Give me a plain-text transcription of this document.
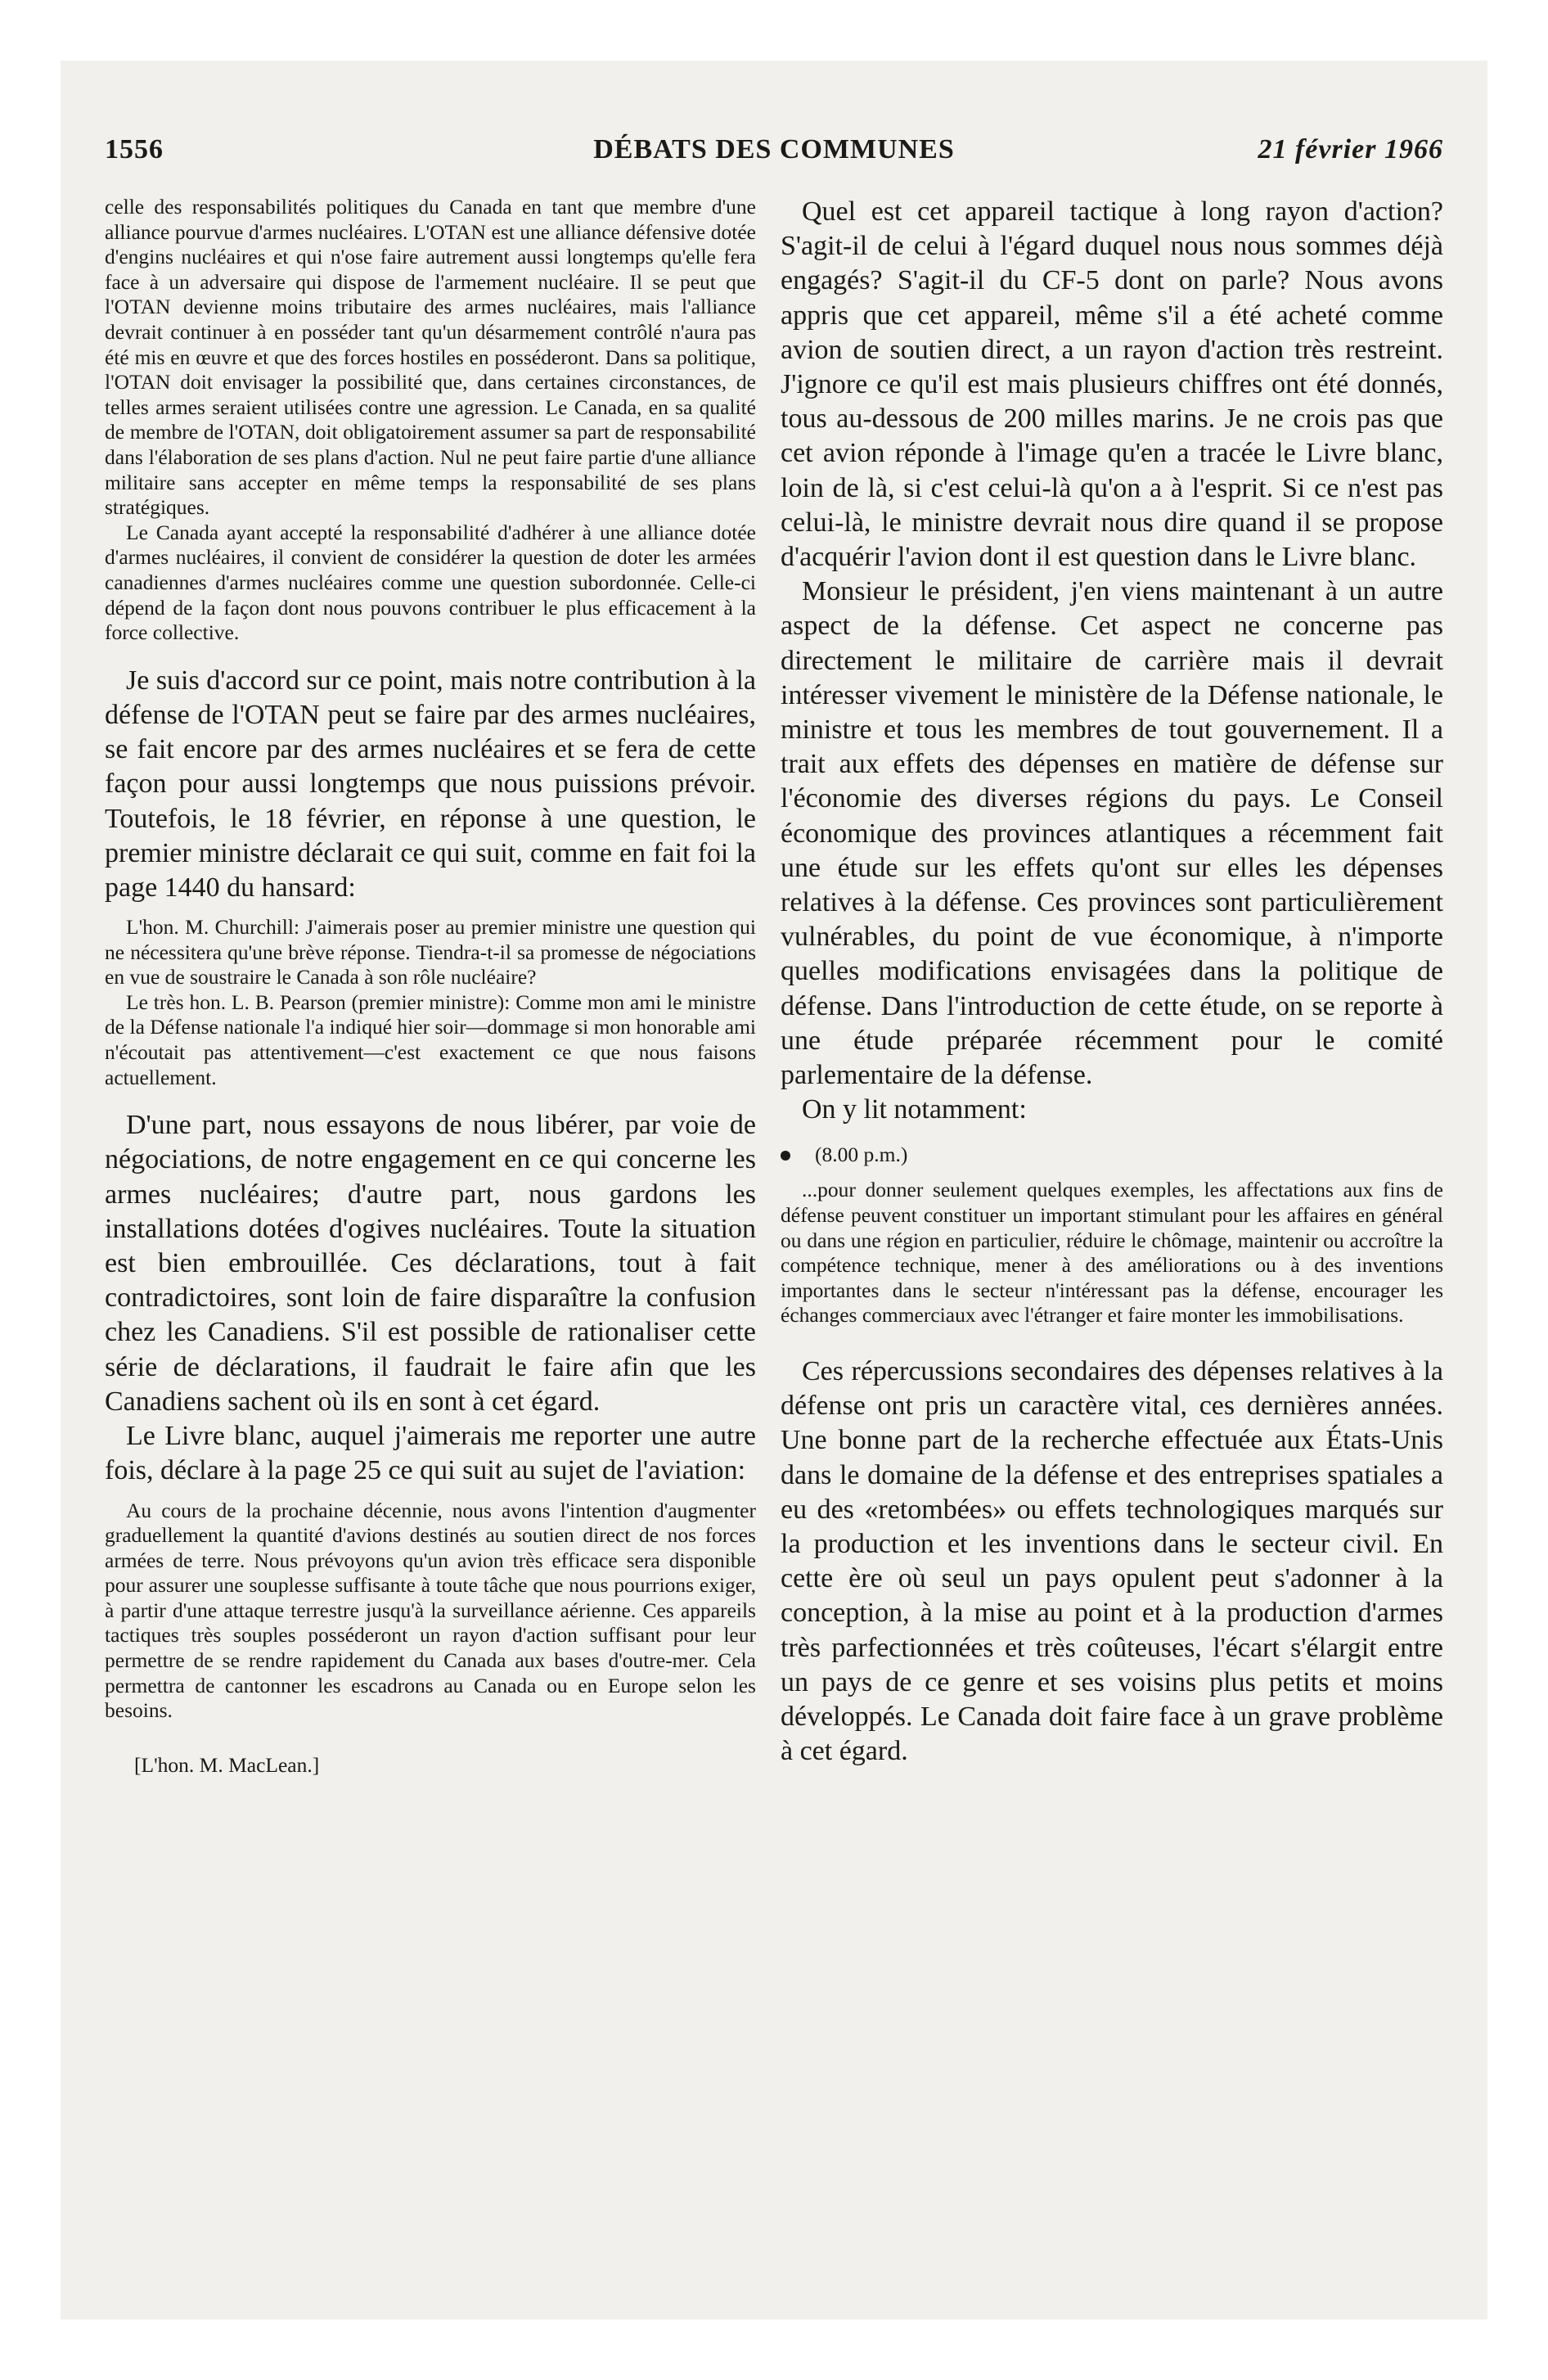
1556	DÉBATS DES COMMUNES	21 février 1966

celle des responsabilités politiques du Canada en tant que membre d'une alliance pourvue d'armes nucléaires. L'OTAN est une alliance défensive dotée d'engins nucléaires et qui n'ose faire autrement aussi longtemps qu'elle fera face à un adversaire qui dispose de l'armement nucléaire. Il se peut que l'OTAN devienne moins tributaire des armes nucléaires, mais l'alliance devrait continuer à en posséder tant qu'un désarmement contrôlé n'aura pas été mis en œuvre et que des forces hostiles en posséderont. Dans sa politique, l'OTAN doit envisager la possibilité que, dans certaines circonstances, de telles armes seraient utilisées contre une agression. Le Canada, en sa qualité de membre de l'OTAN, doit obligatoirement assumer sa part de responsabilité dans l'élaboration de ses plans d'action. Nul ne peut faire partie d'une alliance militaire sans accepter en même temps la responsabilité de ses plans stratégiques.

Le Canada ayant accepté la responsabilité d'adhérer à une alliance dotée d'armes nucléaires, il convient de considérer la question de doter les armées canadiennes d'armes nucléaires comme une question subordonnée. Celle-ci dépend de la façon dont nous pouvons contribuer le plus efficacement à la force collective.

Je suis d'accord sur ce point, mais notre contribution à la défense de l'OTAN peut se faire par des armes nucléaires, se fait encore par des armes nucléaires et se fera de cette façon pour aussi longtemps que nous puissions prévoir. Toutefois, le 18 février, en réponse à une question, le premier ministre déclarait ce qui suit, comme en fait foi la page 1440 du hansard:

L'hon. M. Churchill: J'aimerais poser au premier ministre une question qui ne nécessitera qu'une brève réponse. Tiendra-t-il sa promesse de négociations en vue de soustraire le Canada à son rôle nucléaire?

Le très hon. L. B. Pearson (premier ministre): Comme mon ami le ministre de la Défense nationale l'a indiqué hier soir—dommage si mon honorable ami n'écoutait pas attentivement—c'est exactement ce que nous faisons actuellement.

D'une part, nous essayons de nous libérer, par voie de négociations, de notre engagement en ce qui concerne les armes nucléaires; d'autre part, nous gardons les installations dotées d'ogives nucléaires. Toute la situation est bien embrouillée. Ces déclarations, tout à fait contradictoires, sont loin de faire disparaître la confusion chez les Canadiens. S'il est possible de rationaliser cette série de déclarations, il faudrait le faire afin que les Canadiens sachent où ils en sont à cet égard.

Le Livre blanc, auquel j'aimerais me reporter une autre fois, déclare à la page 25 ce qui suit au sujet de l'aviation:

Au cours de la prochaine décennie, nous avons l'intention d'augmenter graduellement la quantité d'avions destinés au soutien direct de nos forces armées de terre. Nous prévoyons qu'un avion très efficace sera disponible pour assurer une souplesse suffisante à toute tâche que nous pourrions exiger, à partir d'une attaque terrestre jusqu'à la surveillance aérienne. Ces appareils tactiques très souples posséderont un rayon d'action suffisant pour leur permettre de se rendre rapidement du Canada aux bases d'outre-mer. Cela permettra de cantonner les escadrons au Canada ou en Europe selon les besoins.

[L'hon. M. MacLean.]

Quel est cet appareil tactique à long rayon d'action? S'agit-il de celui à l'égard duquel nous nous sommes déjà engagés? S'agit-il du CF-5 dont on parle? Nous avons appris que cet appareil, même s'il a été acheté comme avion de soutien direct, a un rayon d'action très restreint. J'ignore ce qu'il est mais plusieurs chiffres ont été donnés, tous au-dessous de 200 milles marins. Je ne crois pas que cet avion réponde à l'image qu'en a tracée le Livre blanc, loin de là, si c'est celui-là qu'on a à l'esprit. Si ce n'est pas celui-là, le ministre devrait nous dire quand il se propose d'acquérir l'avion dont il est question dans le Livre blanc.

Monsieur le président, j'en viens maintenant à un autre aspect de la défense. Cet aspect ne concerne pas directement le militaire de carrière mais il devrait intéresser vivement le ministère de la Défense nationale, le ministre et tous les membres de tout gouvernement. Il a trait aux effets des dépenses en matière de défense sur l'économie des diverses régions du pays. Le Conseil économique des provinces atlantiques a récemment fait une étude sur les effets qu'ont sur elles les dépenses relatives à la défense. Ces provinces sont particulièrement vulnérables, du point de vue économique, à n'importe quelles modifications envisagées dans la politique de défense. Dans l'introduction de cette étude, on se reporte à une étude préparée récemment pour le comité parlementaire de la défense.

On y lit notamment:

(8.00 p.m.)

...pour donner seulement quelques exemples, les affectations aux fins de défense peuvent constituer un important stimulant pour les affaires en général ou dans une région en particulier, réduire le chômage, maintenir ou accroître la compétence technique, mener à des améliorations ou à des inventions importantes dans le secteur n'intéressant pas la défense, encourager les échanges commerciaux avec l'étranger et faire monter les immobilisations.

Ces répercussions secondaires des dépenses relatives à la défense ont pris un caractère vital, ces dernières années. Une bonne part de la recherche effectuée aux États-Unis dans le domaine de la défense et des entreprises spatiales a eu des «retombées» ou effets technologiques marqués sur la production et les inventions dans le secteur civil. En cette ère où seul un pays opulent peut s'adonner à la conception, à la mise au point et à la production d'armes très parfectionnées et très coûteuses, l'écart s'élargit entre un pays de ce genre et ses voisins plus petits et moins développés. Le Canada doit faire face à un grave problème à cet égard.
